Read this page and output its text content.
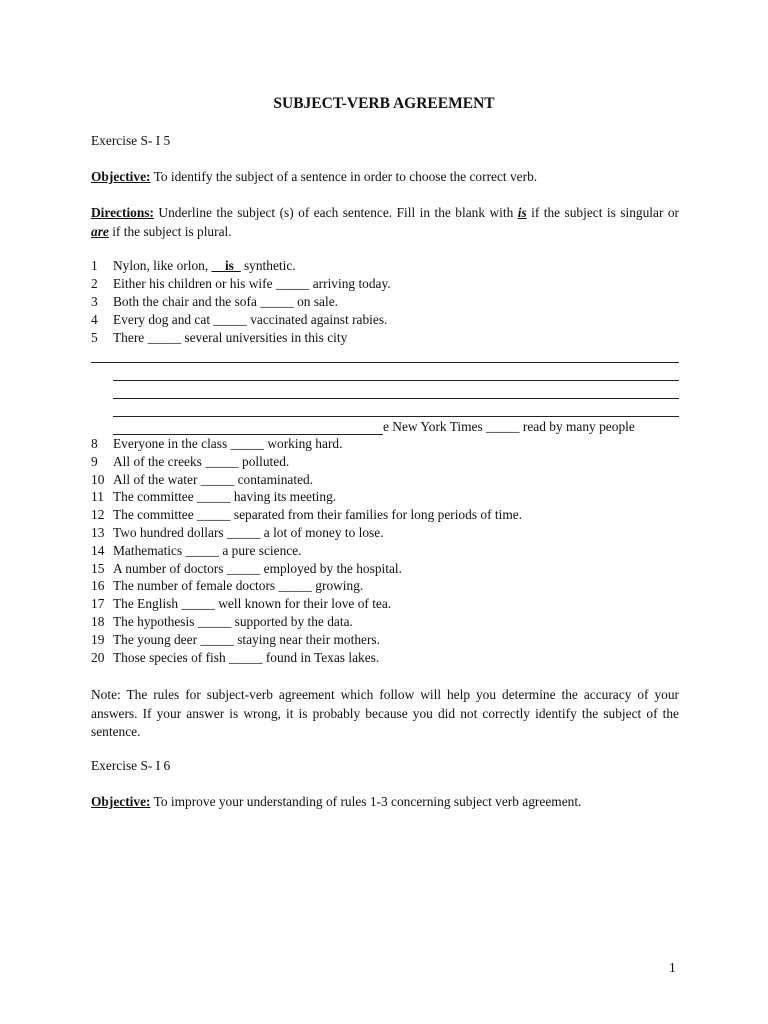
SUBJECT-VERB AGREEMENT
Exercise S- I 5
Objective: To identify the subject of a sentence in order to choose the correct verb.
Directions: Underline the subject (s) of each sentence. Fill in the blank with is if the subject is singular or are if the subject is plural.
1 Nylon, like orlon, __is_ synthetic.
2 Either his children or his wife _____ arriving today.
3 Both the chair and the sofa _____ on sale.
4 Every dog and cat _____ vaccinated against rabies.
5 There _____ several universities in this city
e New York Times _____ read by many people
8 Everyone in the class _____ working hard.
9 All of the creeks _____ polluted.
10 All of the water _____ contaminated.
11 The committee _____ having its meeting.
12 The committee _____ separated from their families for long periods of time.
13 Two hundred dollars _____ a lot of money to lose.
14 Mathematics _____ a pure science.
15 A number of doctors _____ employed by the hospital.
16 The number of female doctors _____ growing.
17 The English _____ well known for their love of tea.
18 The hypothesis _____ supported by the data.
19 The young deer _____ staying near their mothers.
20 Those species of fish _____ found in Texas lakes.
Note: The rules for subject-verb agreement which follow will help you determine the accuracy of your answers. If your answer is wrong, it is probably because you did not correctly identify the subject of the sentence.
Exercise S- I 6
Objective: To improve your understanding of rules 1-3 concerning subject verb agreement.
1
